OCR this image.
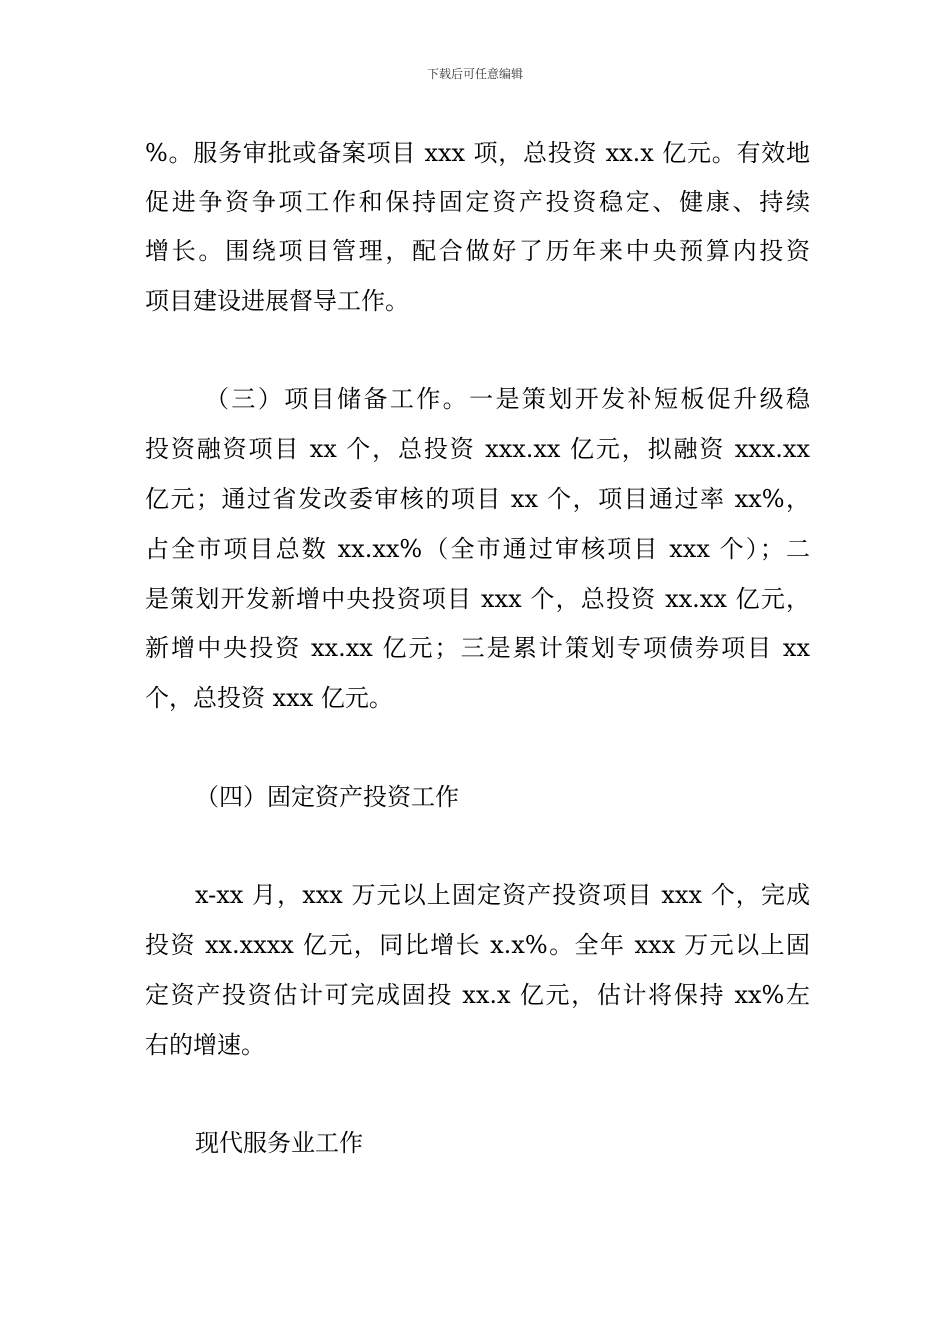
下载后可任意编辑
%。服务审批或备案项目 xxx 项，总投资 xx.x 亿元。有效地
促进争资争项工作和保持固定资产投资稳定、健康、持续
增长。围绕项目管理，配合做好了历年来中央预算内投资
项目建设进展督导工作。
（三）项目储备工作。一是策划开发补短板促升级稳
投资融资项目 xx 个，总投资 xxx.xx 亿元，拟融资 xxx.xx
亿元；通过省发改委审核的项目 xx 个，项目通过率 xx%，
占全市项目总数 xx.xx%（全市通过审核项目 xxx 个）；二
是策划开发新增中央投资项目 xxx 个，总投资 xx.xx 亿元，
新增中央投资 xx.xx 亿元；三是累计策划专项债券项目 xx
个，总投资 xxx 亿元。
（四）固定资产投资工作
x-xx 月，xxx 万元以上固定资产投资项目 xxx 个，完成
投资 xx.xxxx 亿元，同比增长 x.x%。全年 xxx 万元以上固
定资产投资估计可完成固投 xx.x 亿元，估计将保持 xx%左
右的增速。
现代服务业工作
